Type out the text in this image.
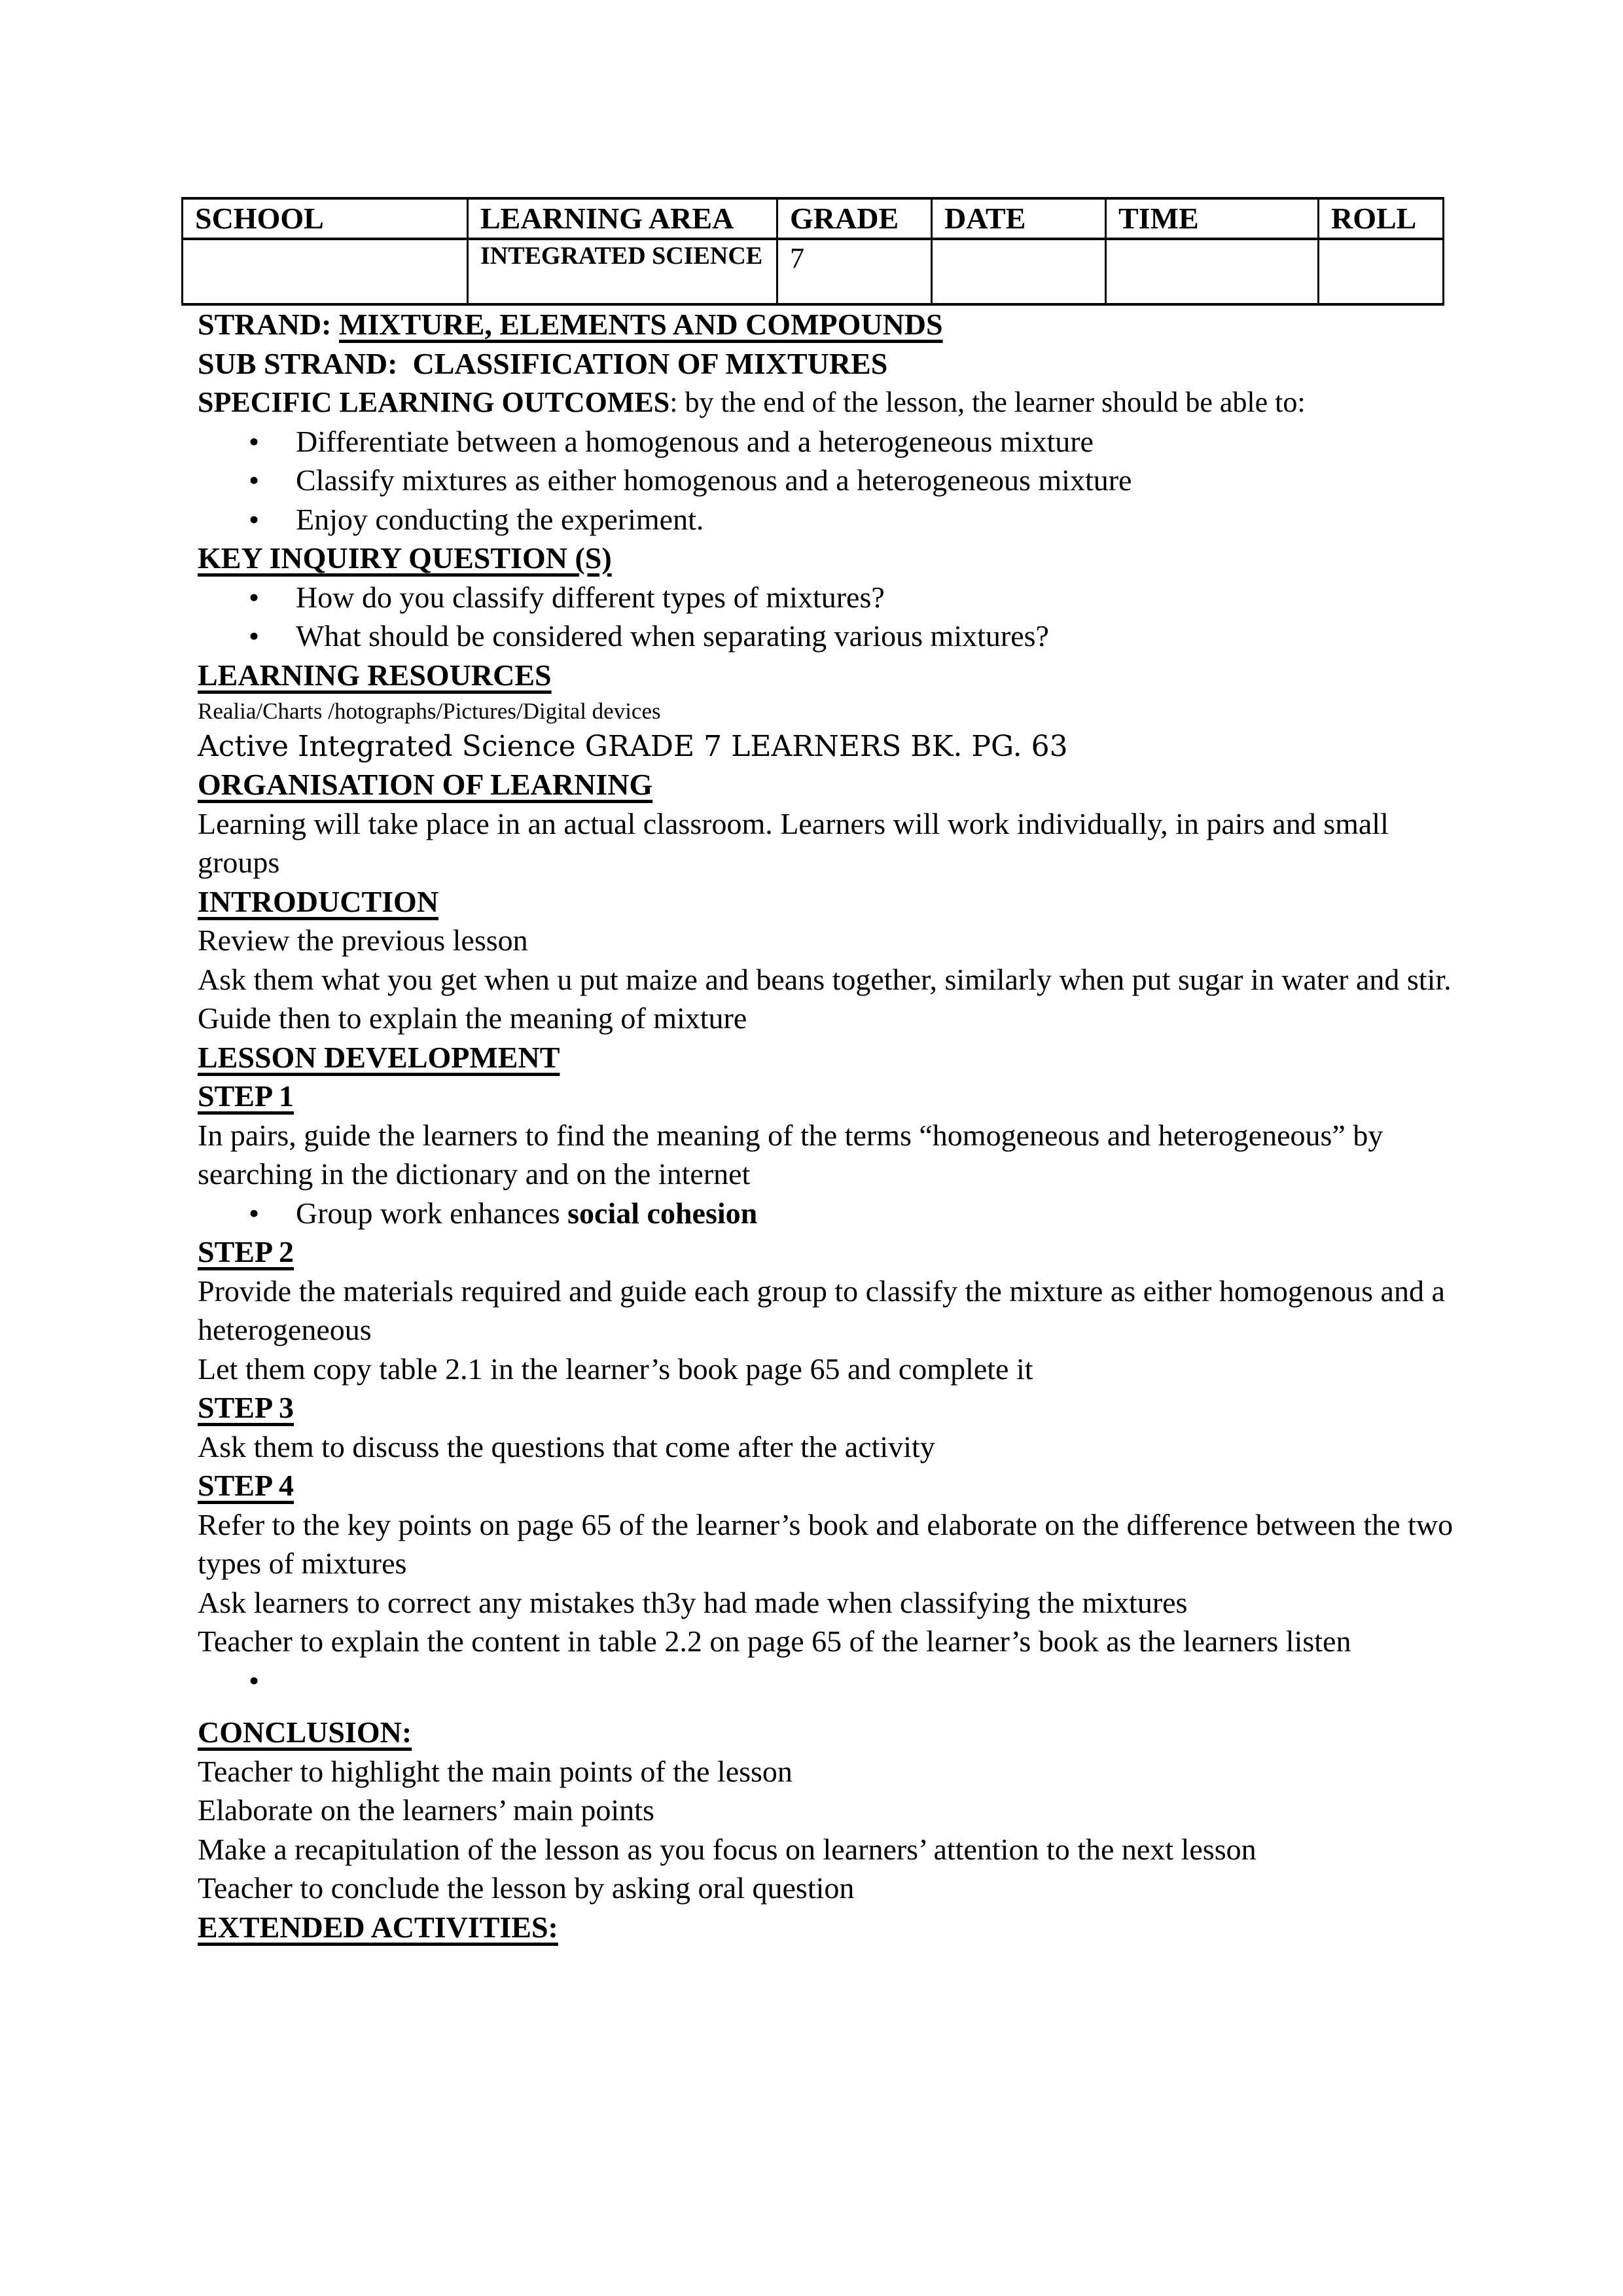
SCHOOL	LEARNING AREA	GRADE	DATE	TIME	ROLL
	INTEGRATED SCIENCE	7			
STRAND: MIXTURE, ELEMENTS AND COMPOUNDS
SUB STRAND:  CLASSIFICATION OF MIXTURES
SPECIFIC LEARNING OUTCOMES: by the end of the lesson, the learner should be able to:
• Differentiate between a homogenous and a heterogeneous mixture
• Classify mixtures as either homogenous and a heterogeneous mixture
• Enjoy conducting the experiment.
KEY INQUIRY QUESTION (S)
• How do you classify different types of mixtures?
• What should be considered when separating various mixtures?
LEARNING RESOURCES
Realia/Charts /hotographs/Pictures/Digital devices
Active Integrated Science GRADE 7 LEARNERS BK. PG. 63
ORGANISATION OF LEARNING
Learning will take place in an actual classroom. Learners will work individually, in pairs and small groups
INTRODUCTION
Review the previous lesson
Ask them what you get when u put maize and beans together, similarly when put sugar in water and stir.
Guide then to explain the meaning of mixture
LESSON DEVELOPMENT
STEP 1
In pairs, guide the learners to find the meaning of the terms “homogeneous and heterogeneous” by searching in the dictionary and on the internet
• Group work enhances social cohesion
STEP 2
Provide the materials required and guide each group to classify the mixture as either homogenous and a heterogeneous
Let them copy table 2.1 in the learner’s book page 65 and complete it
STEP 3
Ask them to discuss the questions that come after the activity
STEP 4
Refer to the key points on page 65 of the learner’s book and elaborate on the difference between the two types of mixtures
Ask learners to correct any mistakes th3y had made when classifying the mixtures
Teacher to explain the content in table 2.2 on page 65 of the learner’s book as the learners listen
•
CONCLUSION:
Teacher to highlight the main points of the lesson
Elaborate on the learners’ main points
Make a recapitulation of the lesson as you focus on learners’ attention to the next lesson
Teacher to conclude the lesson by asking oral question
EXTENDED ACTIVITIES:
